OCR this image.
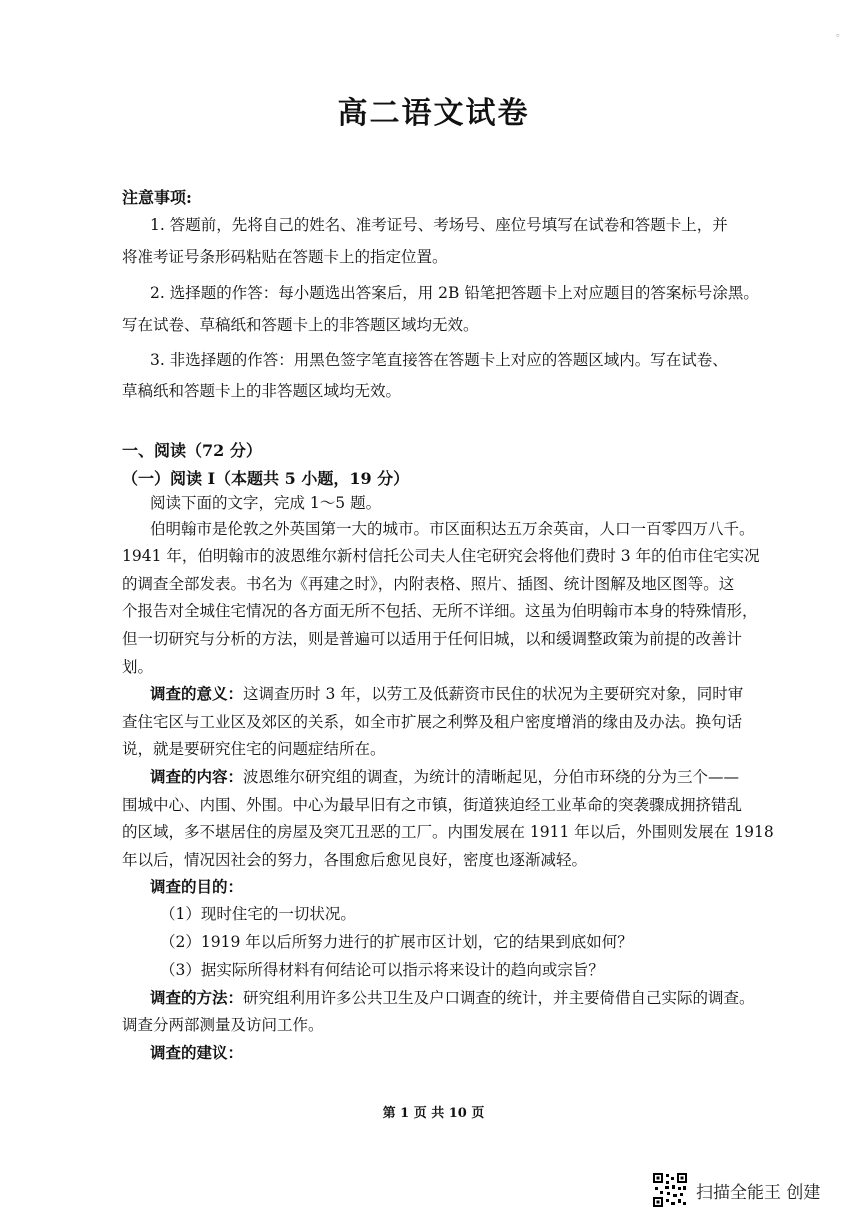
。
高二语文试卷
注意事项:
1. 答题前，先将自己的姓名、准考证号、考场号、座位号填写在试卷和答题卡上，并
将准考证号条形码粘贴在答题卡上的指定位置。
2. 选择题的作答：每小题选出答案后，用 2B 铅笔把答题卡上对应题目的答案标号涂黑。
写在试卷、草稿纸和答题卡上的非答题区域均无效。
3. 非选择题的作答：用黑色签字笔直接答在答题卡上对应的答题区域内。写在试卷、
草稿纸和答题卡上的非答题区域均无效。
一、阅读（72 分）
（一）阅读 I（本题共 5 小题，19 分）
阅读下面的文字，完成 1～5 题。
伯明翰市是伦敦之外英国第一大的城市。市区面积达五万余英亩，人口一百零四万八千。
1941 年，伯明翰市的波恩维尔新村信托公司夫人住宅研究会将他们费时 3 年的伯市住宅实况
的调查全部发表。书名为《再建之时》，内附表格、照片、插图、统计图解及地区图等。这
个报告对全城住宅情况的各方面无所不包括、无所不详细。这虽为伯明翰市本身的特殊情形，
但一切研究与分析的方法，则是普遍可以适用于任何旧城，以和缓调整政策为前提的改善计
划。
调查的意义：这调查历时 3 年，以劳工及低薪资市民住的状况为主要研究对象，同时审
查住宅区与工业区及郊区的关系，如全市扩展之利弊及租户密度增消的缘由及办法。换句话
说，就是要研究住宅的问题症结所在。
调查的内容：波恩维尔研究组的调查，为统计的清晰起见，分伯市环绕的分为三个——
围城中心、内围、外围。中心为最早旧有之市镇，街道狭迫经工业革命的突袭骤成拥挤错乱
的区域，多不堪居住的房屋及突兀丑恶的工厂。内围发展在 1911 年以后，外围则发展在 1918
年以后，情况因社会的努力，各围愈后愈见良好，密度也逐渐减轻。
调查的目的：
（1）现时住宅的一切状况。
（2）1919 年以后所努力进行的扩展市区计划，它的结果到底如何？
（3）据实际所得材料有何结论可以指示将来设计的趋向或宗旨？
调查的方法：研究组利用许多公共卫生及户口调查的统计，并主要倚借自己实际的调查。
调查分两部测量及访问工作。
调查的建议：
第 1 页 共 10 页
扫描全能王 创建
